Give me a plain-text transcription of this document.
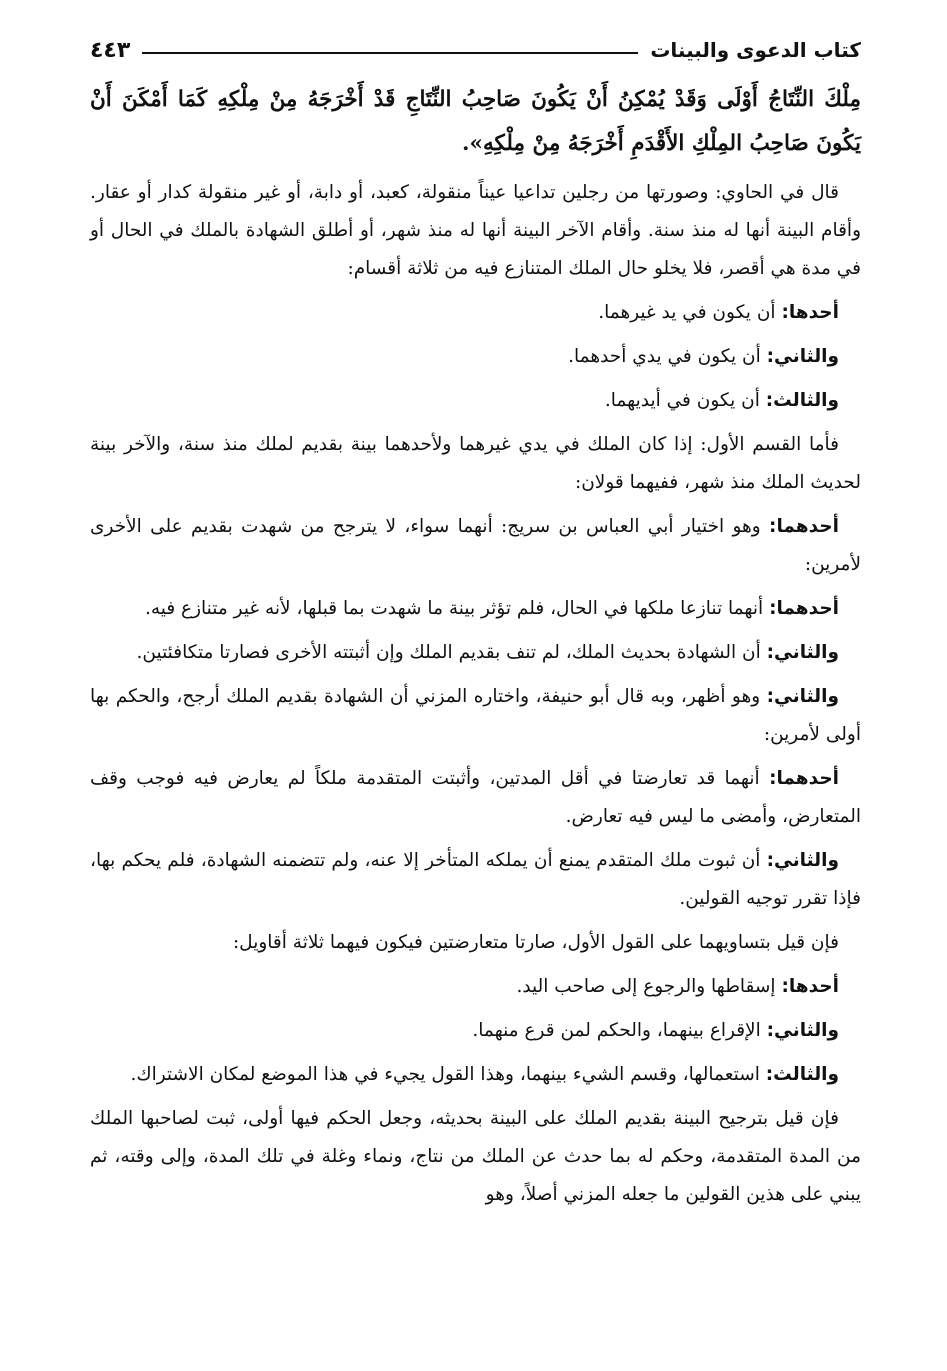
كتاب الدعوى والبينات
٤٤٣

مِلْكَ النِّتَاجُ أَوْلَى وَقَدْ يُمْكِنُ أَنْ يَكُونَ صَاحِبُ النِّتَاجِ قَدْ أَخْرَجَهُ مِنْ مِلْكِهِ كَمَا أَمْكَنَ أَنْ يَكُونَ صَاحِبُ المِلْكِ الأَقْدَمِ أَخْرَجَهُ مِنْ مِلْكِهِ».

قال في الحاوي: وصورتها من رجلين تداعيا عيناً منقولة، كعبد، أو دابة، أو غير منقولة كدار أو عقار. وأقام البينة أنها له منذ سنة. وأقام الآخر البينة أنها له منذ شهر، أو أطلق الشهادة بالملك في الحال أو في مدة هي أقصر، فلا يخلو حال الملك المتنازع فيه من ثلاثة أقسام:

أحدها: أن يكون في يد غيرهما.

والثاني: أن يكون في يدي أحدهما.

والثالث: أن يكون في أيديهما.

فأما القسم الأول: إذا كان الملك في يدي غيرهما ولأحدهما بينة بقديم لملك منذ سنة، والآخر بينة لحديث الملك منذ شهر، ففيهما قولان:

أحدهما: وهو اختيار أبي العباس بن سريج: أنهما سواء، لا يترجح من شهدت بقديم على الأخرى لأمرين:

أحدهما: أنهما تنازعا ملكها في الحال، فلم تؤثر بينة ما شهدت بما قبلها، لأنه غير متنازع فيه.

والثاني: أن الشهادة بحديث الملك، لم تنف بقديم الملك وإن أثبتته الأخرى فصارتا متكافئتين.

والثاني: وهو أظهر، وبه قال أبو حنيفة، واختاره المزني أن الشهادة بقديم الملك أرجح، والحكم بها أولى لأمرين:

أحدهما: أنهما قد تعارضتا في أقل المدتين، وأثبتت المتقدمة ملكاً لم يعارض فيه فوجب وقف المتعارض، وأمضى ما ليس فيه تعارض.

والثاني: أن ثبوت ملك المتقدم يمنع أن يملكه المتأخر إلا عنه، ولم تتضمنه الشهادة، فلم يحكم بها، فإذا تقرر توجيه القولين.

فإن قيل بتساويهما على القول الأول، صارتا متعارضتين فيكون فيهما ثلاثة أقاويل:

أحدها: إسقاطها والرجوع إلى صاحب اليد.

والثاني: الإقراع بينهما، والحكم لمن قرع منهما.

والثالث: استعمالها، وقسم الشيء بينهما، وهذا القول يجيء في هذا الموضع لمكان الاشتراك.

فإن قيل بترجيح البينة بقديم الملك على البينة بحديثه، وجعل الحكم فيها أولى، ثبت لصاحبها الملك من المدة المتقدمة، وحكم له بما حدث عن الملك من نتاج، ونماء وغلة في تلك المدة، وإلى وقته، ثم يبني على هذين القولين ما جعله المزني أصلاً، وهو
